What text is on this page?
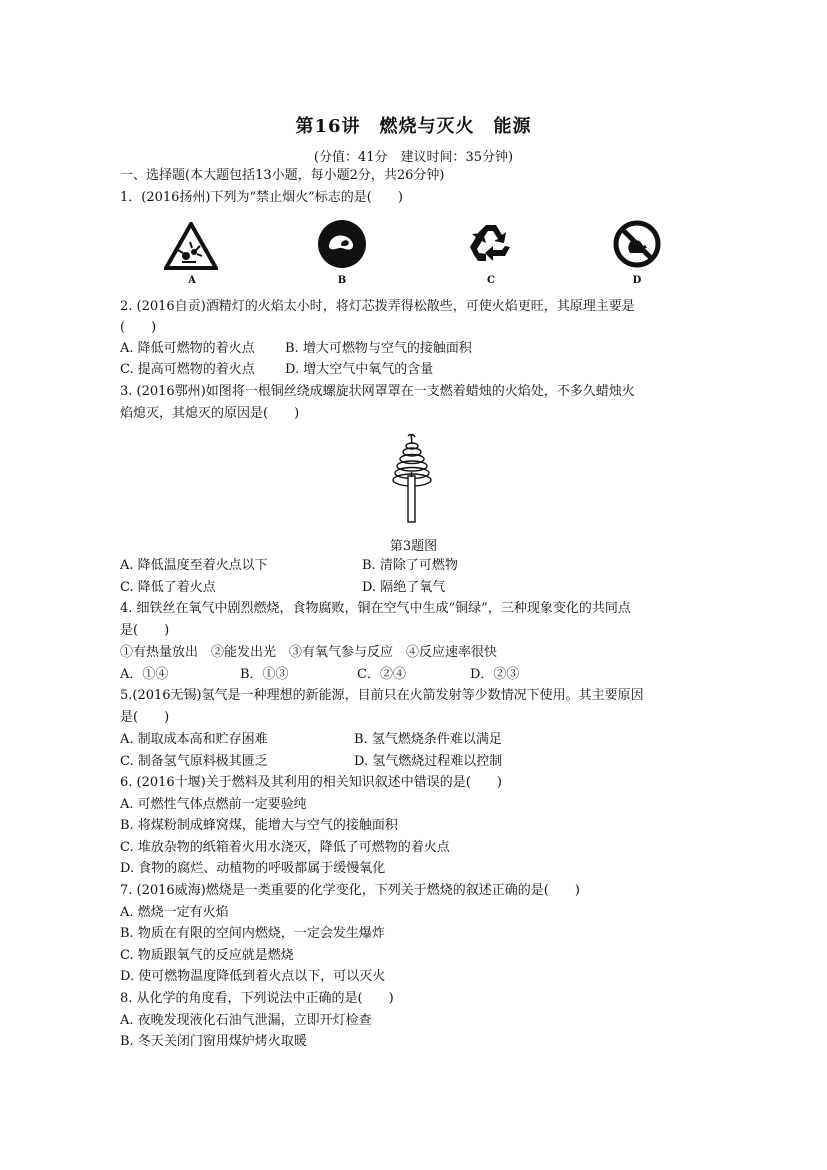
第16讲　燃烧与灭火　能源
(分值：41分　建议时间：35分钟)
一、选择题(本大题包括13小题，每小题2分，共26分钟)
1．(2016扬州)下列为“禁止烟火”标志的是(　　)
A	B	C	D
2. (2016自贡)酒精灯的火焰太小时，将灯芯拨弄得松散些，可使火焰更旺，其原理主要是
(　　)
A. 降低可燃物的着火点 B. 增大可燃物与空气的接触面积
C. 提高可燃物的着火点 D. 增大空气中氧气的含量
3. (2016鄂州)如图将一根铜丝绕成螺旋状网罩罩在一支燃着蜡烛的火焰处，不多久蜡烛火
焰熄灭，其熄灭的原因是(　　)
第3题图
A. 降低温度至着火点以下	B. 清除了可燃物
C. 降低了着火点	D. 隔绝了氧气
4. 细铁丝在氧气中剧烈燃烧，食物腐败，铜在空气中生成“铜绿”，三种现象变化的共同点
是(　　)
①有热量放出　②能发出光　③有氧气参与反应　④反应速率很快
A．①④	B．①③	C．②④	D．②③
5.(2016无锡)氢气是一种理想的新能源，目前只在火箭发射等少数情况下使用。其主要原因
是(　　)
A. 制取成本高和贮存困难	B. 氢气燃烧条件难以满足
C. 制备氢气原料极其匮乏	D. 氢气燃烧过程难以控制
6. (2016十堰)关于燃料及其利用的相关知识叙述中错误的是(　　)
A. 可燃性气体点燃前一定要验纯
B. 将煤粉制成蜂窝煤，能增大与空气的接触面积
C. 堆放杂物的纸箱着火用水浇灭，降低了可燃物的着火点
D. 食物的腐烂、动植物的呼吸都属于缓慢氧化
7. (2016威海)燃烧是一类重要的化学变化，下列关于燃烧的叙述正确的是(　　)
A. 燃烧一定有火焰
B. 物质在有限的空间内燃烧，一定会发生爆炸
C. 物质跟氧气的反应就是燃烧
D. 使可燃物温度降低到着火点以下，可以灭火
8. 从化学的角度看，下列说法中正确的是(　　)
A. 夜晚发现液化石油气泄漏，立即开灯检查
B. 冬天关闭门窗用煤炉烤火取暖
